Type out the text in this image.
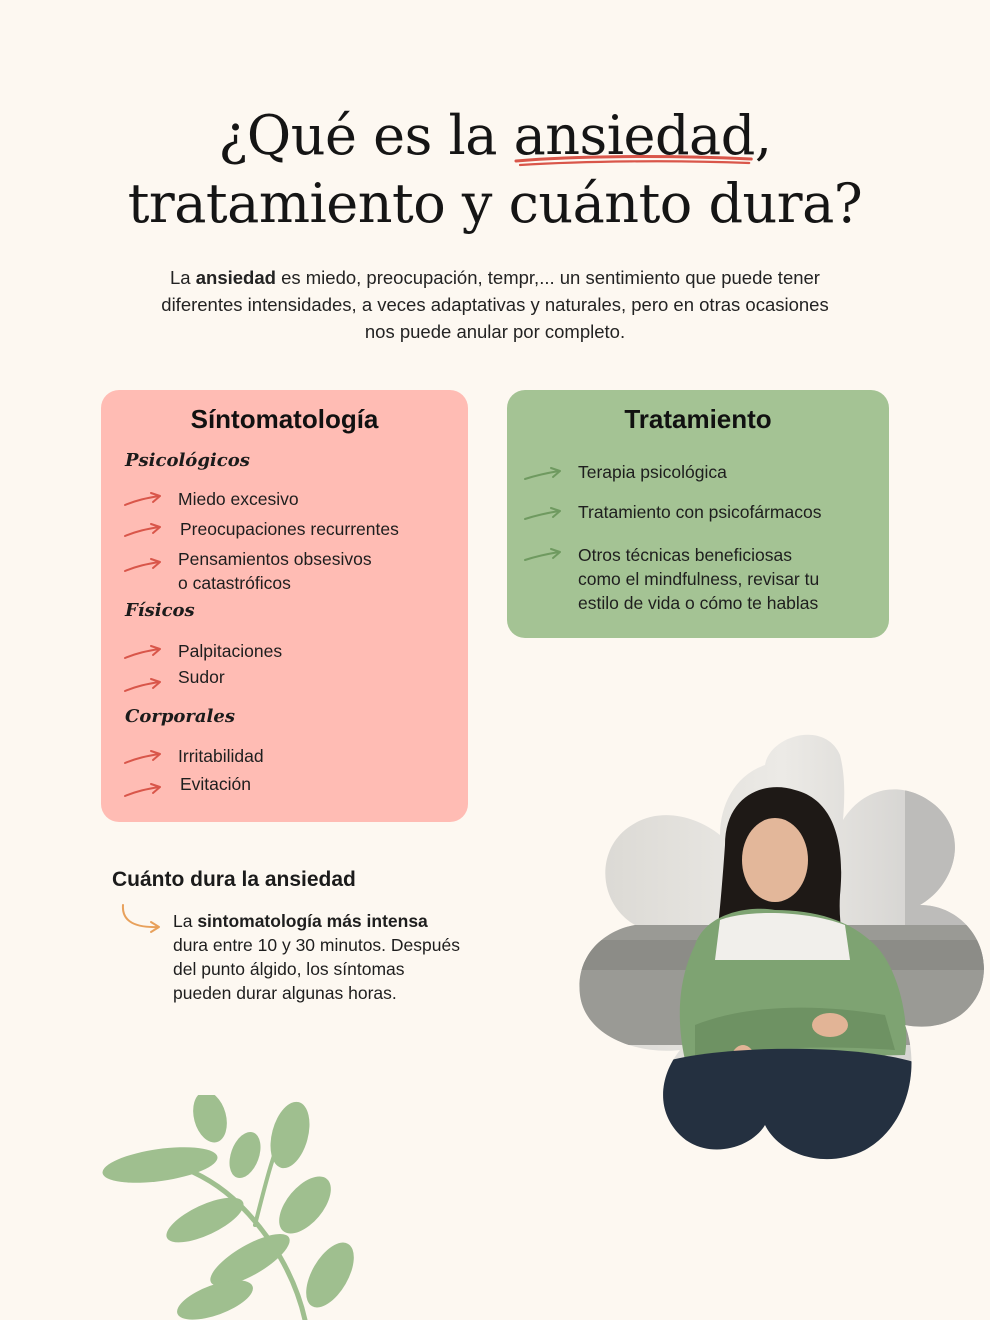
¿Qué es la ansiedad
,
tratamiento y cuánto dura?
La ansiedad es miedo, preocupación, tempr,... un sentimiento que puede tener
diferentes intensidades, a veces adaptativas y naturales, pero en otras ocasiones
nos puede anular por completo.
Síntomatología
Psicológicos
Miedo excesivo
Preocupaciones recurrentes
Pensamientos obsesivos
o catastróficos
Físicos
Palpitaciones
Sudor
Corporales
Irritabilidad
Evitación
Tratamiento
Terapia psicológica
Tratamiento con psicofármacos
Otros técnicas beneficiosas
como el mindfulness, revisar tu
estilo de vida o cómo te hablas
Cuánto dura la ansiedad
La sintomatología más intensa
dura entre 10 y 30 minutos. Después
del punto álgido, los síntomas
pueden durar algunas horas.
